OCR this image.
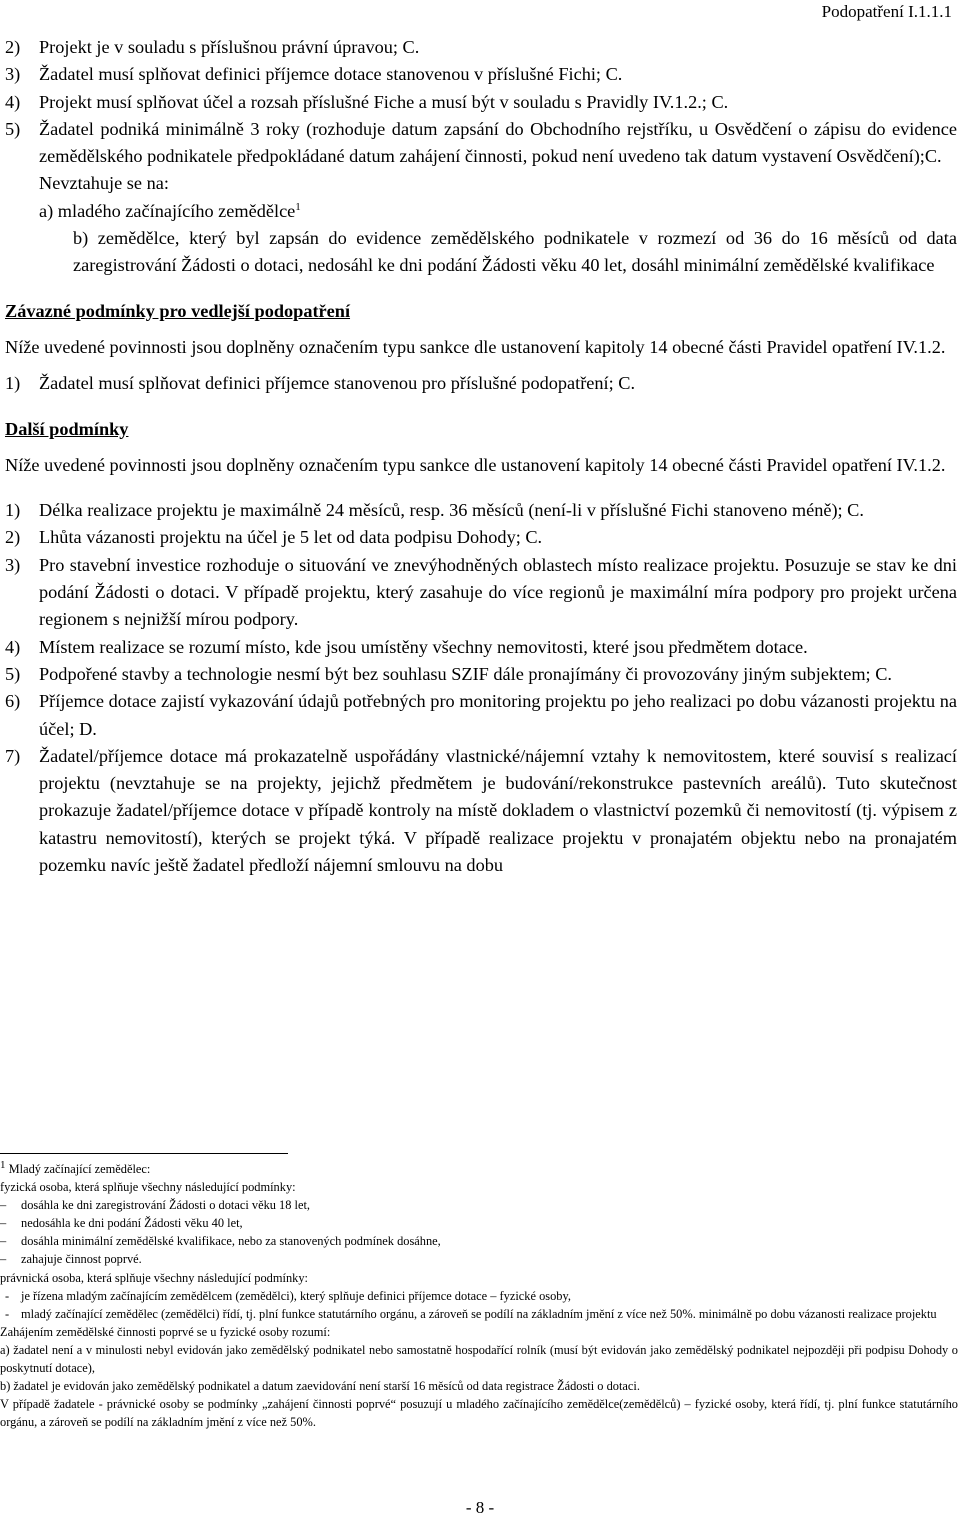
Podopatření I.1.1.1
2) Projekt je v souladu s příslušnou právní úpravou; C.
3) Žadatel musí splňovat definici příjemce dotace stanovenou v příslušné Fichi; C.
4) Projekt musí splňovat účel a rozsah příslušné Fiche a musí být v souladu s Pravidly IV.1.2.; C.
5) Žadatel podniká minimálně 3 roky (rozhoduje datum zapsání do Obchodního rejstříku, u Osvědčení o zápisu do evidence zemědělského podnikatele předpokládané datum zahájení činnosti, pokud není uvedeno tak datum vystavení Osvědčení);C.

Nevztahuje se na:

a) mladého začínajícího zemědělce$^1$

b) zemědělce, který byl zapsán do evidence zemědělského podnikatele v rozmezí od 36 do 16 měsíců od data zaregistrování Žádosti o dotaci, nedosáhl ke dni podání Žádosti věku 40 let, dosáhl minimální zemědělské kvalifikace

Závazné podmínky pro vedlejší podopatření

Níže uvedené povinnosti jsou doplněny označením typu sankce dle ustanovení kapitoly 14 obecné části Pravidel opatření IV.1.2.

1) Žadatel musí splňovat definici příjemce stanovenou pro příslušné podopatření; C.

Další podmínky

Níže uvedené povinnosti jsou doplněny označením typu sankce dle ustanovení kapitoly 14 obecné části Pravidel opatření IV.1.2.

1) Délka realizace projektu je maximálně 24 měsíců, resp. 36 měsíců (není-li v příslušné Fichi stanoveno méně); C.
2) Lhůta vázanosti projektu na účel je 5 let od data podpisu Dohody; C.
3) Pro stavební investice rozhoduje o situování ve znevýhodněných oblastech místo realizace projektu. Posuzuje se stav ke dni podání Žádosti o dotaci. V případě projektu, který zasahuje do více regionů je maximální míra podpory pro projekt určena regionem s nejnižší mírou podpory.
4) Místem realizace se rozumí místo, kde jsou umístěny všechny nemovitosti, které jsou předmětem dotace.
5) Podpořené stavby a technologie nesmí být bez souhlasu SZIF dále pronajímány či provozovány jiným subjektem; C.
6) Příjemce dotace zajistí vykazování údajů potřebných pro monitoring projektu po jeho realizaci po dobu vázanosti projektu na účel; D.
7) Žadatel/příjemce dotace má prokazatelně uspořádány vlastnické/nájemní vztahy k nemovitostem, které souvisí s realizací projektu (nevztahuje se na projekty, jejichž předmětem je budování/rekonstrukce pastevních areálů). Tuto skutečnost prokazuje žadatel/příjemce dotace v případě kontroly na místě dokladem o vlastnictví pozemků či nemovitostí (tj. výpisem z katastru nemovitostí), kterých se projekt týká. V případě realizace projektu v pronajatém objektu nebo na pronajatém pozemku navíc ještě žadatel předloží nájemní smlouvu na dobu

$^1$ Mladý začínající zemědělec:

fyzická osoba, která splňuje všechny následující podmínky:

– dosáhla ke dni zaregistrování Žádosti o dotaci věku 18 let,

– nedosáhla ke dni podání Žádosti věku 40 let,

– dosáhla minimální zemědělské kvalifikace, nebo za stanovených podmínek dosáhne,

– zahajuje činnost poprvé.

právnická osoba, která splňuje všechny následující podmínky:

- je řízena mladým začínajícím zemědělcem (zemědělci), který splňuje definici příjemce dotace – fyzické osoby,

- mladý začínající zemědělec (zemědělci) řídí, tj. plní funkce statutárního orgánu, a zároveň se podílí na základním jmění z více než 50%. minimálně po dobu vázanosti realizace projektu

Zahájením zemědělské činnosti poprvé se u fyzické osoby rozumí:

a) žadatel není a v minulosti nebyl evidován jako zemědělský podnikatel nebo samostatně hospodařící rolník (musí být evidován jako zemědělský podnikatel nejpozději při podpisu Dohody o poskytnutí dotace),

b) žadatel je evidován jako zemědělský podnikatel a datum zaevidování není starší 16 měsíců od data registrace Žádosti o dotaci.

V případě žadatele - právnické osoby se podmínky „zahájení činnosti poprvé“ posuzují u mladého začínajícího zemědělce(zemědělců) – fyzické osoby, která řídí, tj. plní funkce statutárního orgánu, a zároveň se podílí na základním jmění z více než 50%.

- 8 -
